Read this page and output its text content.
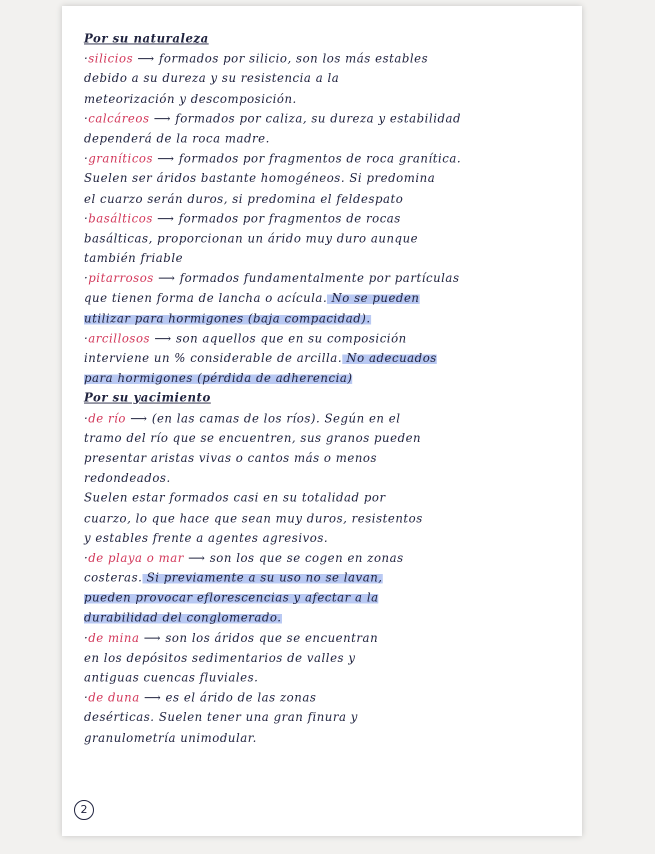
Por su naturaleza
·silicios ⟶ formados por silicio, son los más estables
debido a su dureza y su resistencia a la
meteorización y descomposición.
·calcáreos ⟶ formados por caliza, su dureza y estabilidad
dependerá de la roca madre.
·graníticos ⟶ formados por fragmentos de roca granítica.
Suelen ser áridos bastante homogéneos. Si predomina
el cuarzo serán duros, si predomina el feldespato
·basálticos ⟶ formados por fragmentos de rocas
basálticas, proporcionan un árido muy duro aunque
también friable
·pitarrosos ⟶ formados fundamentalmente por partículas
que tienen forma de lancha o acícula. No se pueden
utilizar para hormigones (baja compacidad).
·arcillosos ⟶ son aquellos que en su composición
interviene un % considerable de arcilla. No adecuados
para hormigones (pérdida de adherencia)
Por su yacimiento
·de río ⟶ (en las camas de los ríos). Según en el
tramo del río que se encuentren, sus granos pueden
presentar aristas vivas o cantos más o menos
redondeados.
Suelen estar formados casi en su totalidad por
cuarzo, lo que hace que sean muy duros, resistentos
y estables frente a agentes agresivos.
·de playa o mar ⟶ son los que se cogen en zonas
costeras. Si previamente a su uso no se lavan,
pueden provocar eflorescencias y afectar a la
durabilidad del conglomerado.
·de mina ⟶ son los áridos que se encuentran
en los depósitos sedimentarios de valles y
antiguas cuencas fluviales.
·de duna ⟶ es el árido de las zonas
desérticas. Suelen tener una gran finura y
granulometría unimodular.
2
